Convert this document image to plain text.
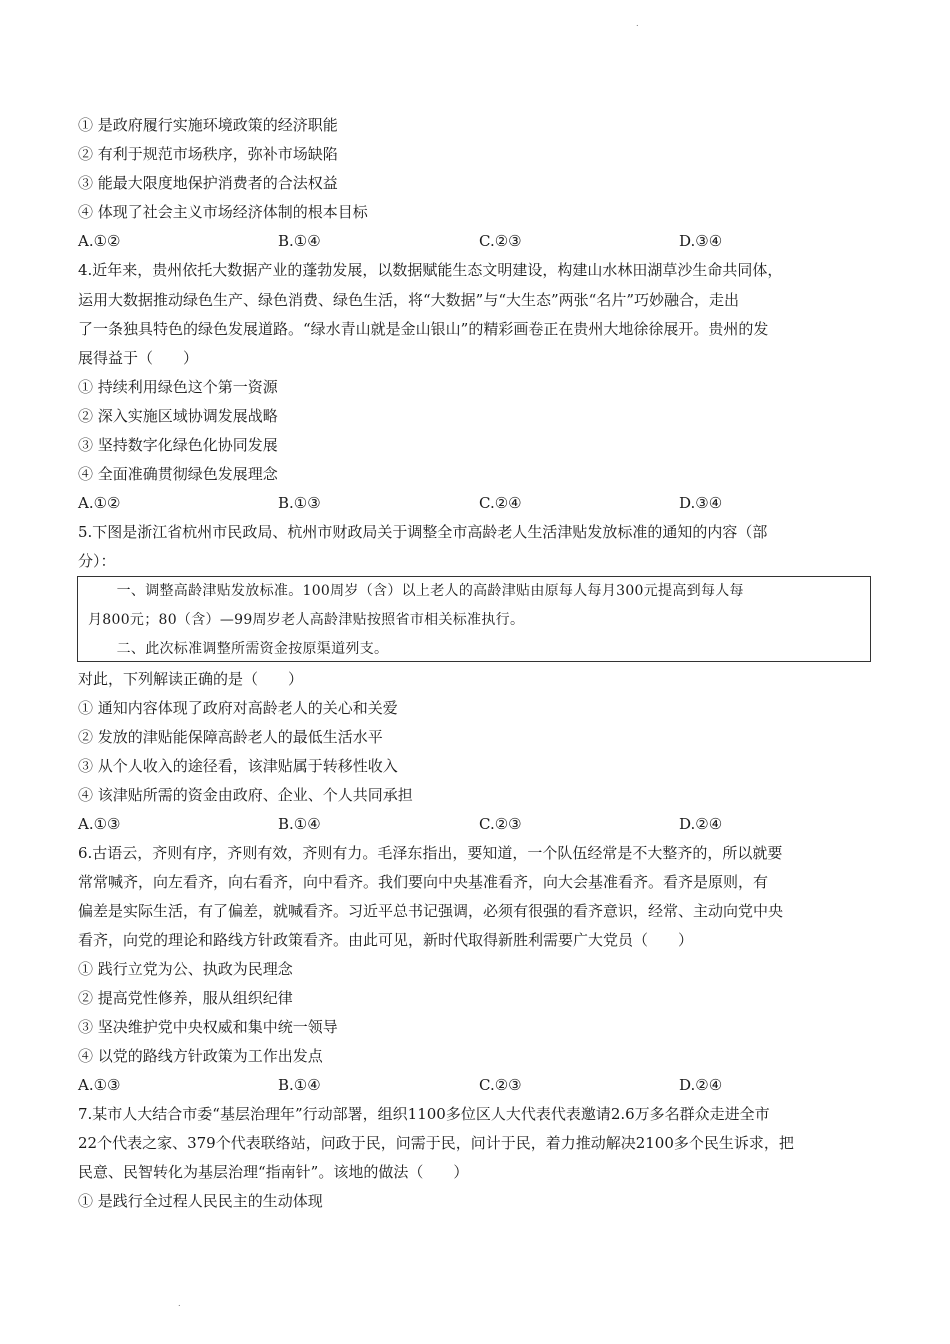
.
① 是政府履行实施环境政策的经济职能
② 有利于规范市场秩序，弥补市场缺陷
③ 能最大限度地保护消费者的合法权益
④ 体现了社会主义市场经济体制的根本目标
A.①②	B.①④	C.②③	D.③④
4.近年来，贵州依托大数据产业的蓬勃发展，以数据赋能生态文明建设，构建山水林田湖草沙生命共同体，
运用大数据推动绿色生产、绿色消费、绿色生活，将“大数据”与“大生态”两张“名片”巧妙融合，走出
了一条独具特色的绿色发展道路。“绿水青山就是金山银山”的精彩画卷正在贵州大地徐徐展开。贵州的发
展得益于（　　）
① 持续利用绿色这个第一资源
② 深入实施区域协调发展战略
③ 坚持数字化绿色化协同发展
④ 全面准确贯彻绿色发展理念
A.①②	B.①③	C.②④	D.③④
5.下图是浙江省杭州市民政局、杭州市财政局关于调整全市高龄老人生活津贴发放标准的通知的内容（部
分）：
　　一、调整高龄津贴发放标准。100周岁（含）以上老人的高龄津贴由原每人每月300元提高到每人每
月800元；80（含）—99周岁老人高龄津贴按照省市相关标准执行。
　　二、此次标准调整所需资金按原渠道列支。
对此，下列解读正确的是（　　）
① 通知内容体现了政府对高龄老人的关心和关爱
② 发放的津贴能保障高龄老人的最低生活水平
③ 从个人收入的途径看，该津贴属于转移性收入
④ 该津贴所需的资金由政府、企业、个人共同承担
A.①③	B.①④	C.②③	D.②④
6.古语云，齐则有序，齐则有效，齐则有力。毛泽东指出，要知道，一个队伍经常是不大整齐的，所以就要
常常喊齐，向左看齐，向右看齐，向中看齐。我们要向中央基准看齐，向大会基准看齐。看齐是原则，有
偏差是实际生活，有了偏差，就喊看齐。习近平总书记强调，必须有很强的看齐意识，经常、主动向党中央
看齐，向党的理论和路线方针政策看齐。由此可见，新时代取得新胜利需要广大党员（　　）
① 践行立党为公、执政为民理念
② 提高党性修养，服从组织纪律
③ 坚决维护党中央权威和集中统一领导
④ 以党的路线方针政策为工作出发点
A.①③	B.①④	C.②③	D.②④
7.某市人大结合市委“基层治理年”行动部署，组织1100多位区人大代表代表邀请2.6万多名群众走进全市
22个代表之家、379个代表联络站，问政于民，问需于民，问计于民，着力推动解决2100多个民生诉求，把
民意、民智转化为基层治理“指南针”。该地的做法（　　）
① 是践行全过程人民民主的生动体现
.
